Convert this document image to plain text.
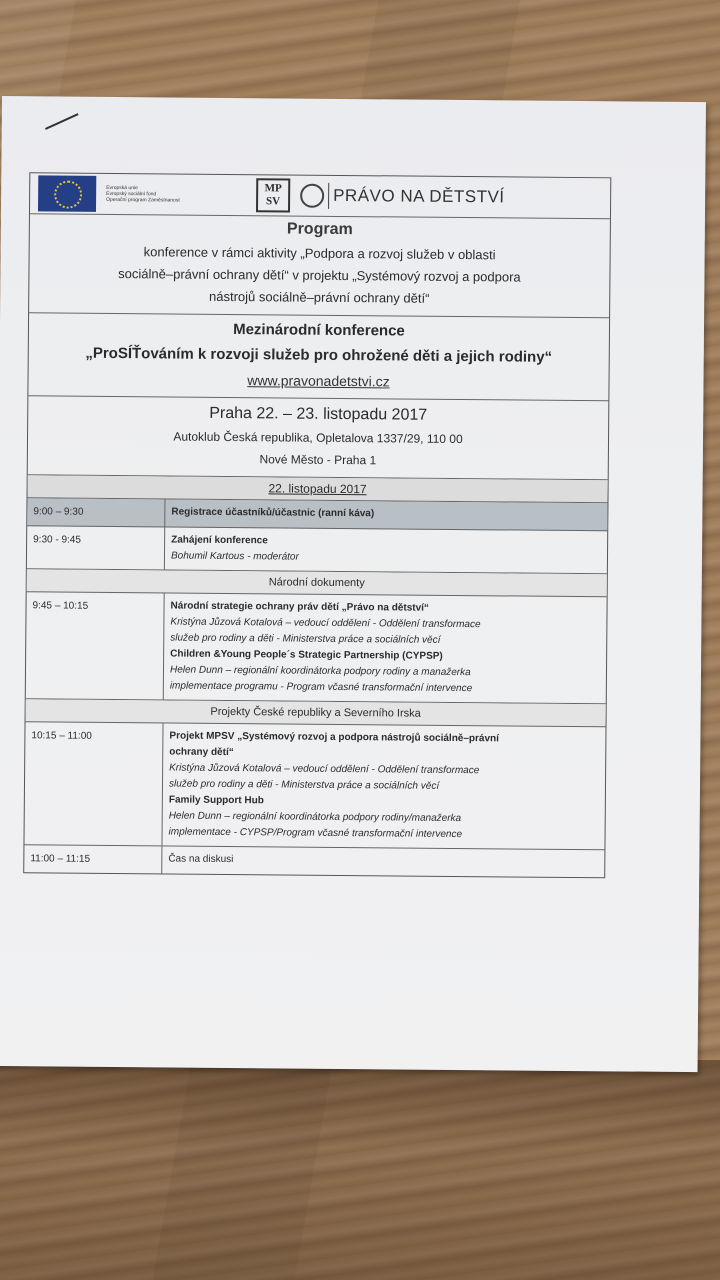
Evropská unie
Evropský sociální fond
Operační program Zaměstnanost
MP
SV	PRÁVO NA DĚTSTVÍ
Program
konference v rámci aktivity „Podpora a rozvoj služeb v oblasti
sociálně–právní ochrany dětí“ v projektu „Systémový rozvoj a podpora
nástrojů sociálně–právní ochrany dětí“
Mezinárodní konference
„ProSÍŤováním k rozvoji služeb pro ohrožené děti a jejich rodiny“
www.pravonadetstvi.cz
Praha 22. – 23. listopadu 2017
Autoklub Česká republika, Opletalova 1337/29, 110 00
Nové Město - Praha 1
22. listopadu 2017
9:00 – 9:30	Registrace účastníků/účastnic (ranní káva)
9:30 - 9:45	Zahájení konference
Bohumil Kartous - moderátor
Národní dokumenty
9:45 – 10:15	Národní strategie ochrany práv dětí „Právo na dětství“
Kristýna Jůzová Kotalová – vedoucí oddělení - Oddělení transformace
služeb pro rodiny a děti - Ministerstva práce a sociálních věcí
Children &Young People´s Strategic Partnership (CYPSP)
Helen Dunn – regionální koordinátorka podpory rodiny a manažerka
implementace programu - Program včasné transformační intervence
Projekty České republiky a Severního Irska
10:15 – 11:00	Projekt MPSV „Systémový rozvoj a podpora nástrojů sociálně–právní
ochrany dětí“
Kristýna Jůzová Kotalová – vedoucí oddělení - Oddělení transformace
služeb pro rodiny a děti - Ministerstva práce a sociálních věcí
Family Support Hub
Helen Dunn – regionální koordinátorka podpory rodiny/manažerka
implementace - CYPSP/Program včasné transformační intervence
11:00 – 11:15	Čas na diskusi
